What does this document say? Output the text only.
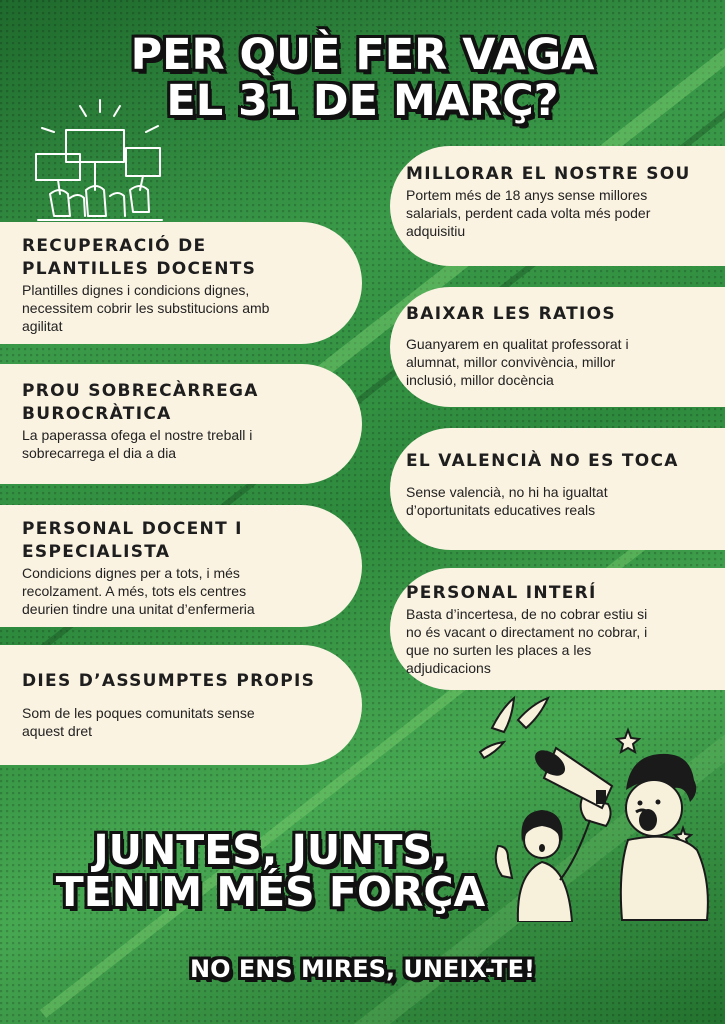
PER QUÈ FER VAGA
EL 31 DE MARÇ?
RECUPERACIÓ DE
PLANTILLES DOCENTS

Plantilles dignes i condicions dignes,
necessitem cobrir les substitucions amb
agilitat

PROU SOBRECÀRREGA
BUROCRÀTICA

La paperassa ofega el nostre treball i
sobrecarrega el dia a dia

PERSONAL DOCENT I
ESPECIALISTA

Condicions dignes per a tots, i més
recolzament. A més, tots els centres
deurien tindre una unitat d’enfermeria

DIES D’ASSUMPTES PROPIS

Som de les poques comunitats sense
aquest dret

MILLORAR EL NOSTRE SOU

Portem més de 18 anys sense millores
salarials, perdent cada volta més poder
adquisitiu

BAIXAR LES RATIOS

Guanyarem en qualitat professorat i
alumnat, millor convivència, millor
inclusió, millor docència

EL VALENCIÀ NO ES TOCA

Sense valencià, no hi ha igualtat
d’oportunitats educatives reals

PERSONAL INTERÍ

Basta d’incertesa, de no cobrar estiu si
no és vacant o directament no cobrar, i
que no surten les places a les
adjudicacions

JUNTES, JUNTS,
TENIM MÉS FORÇA
NO ENS MIRES, UNEIX-TE!
